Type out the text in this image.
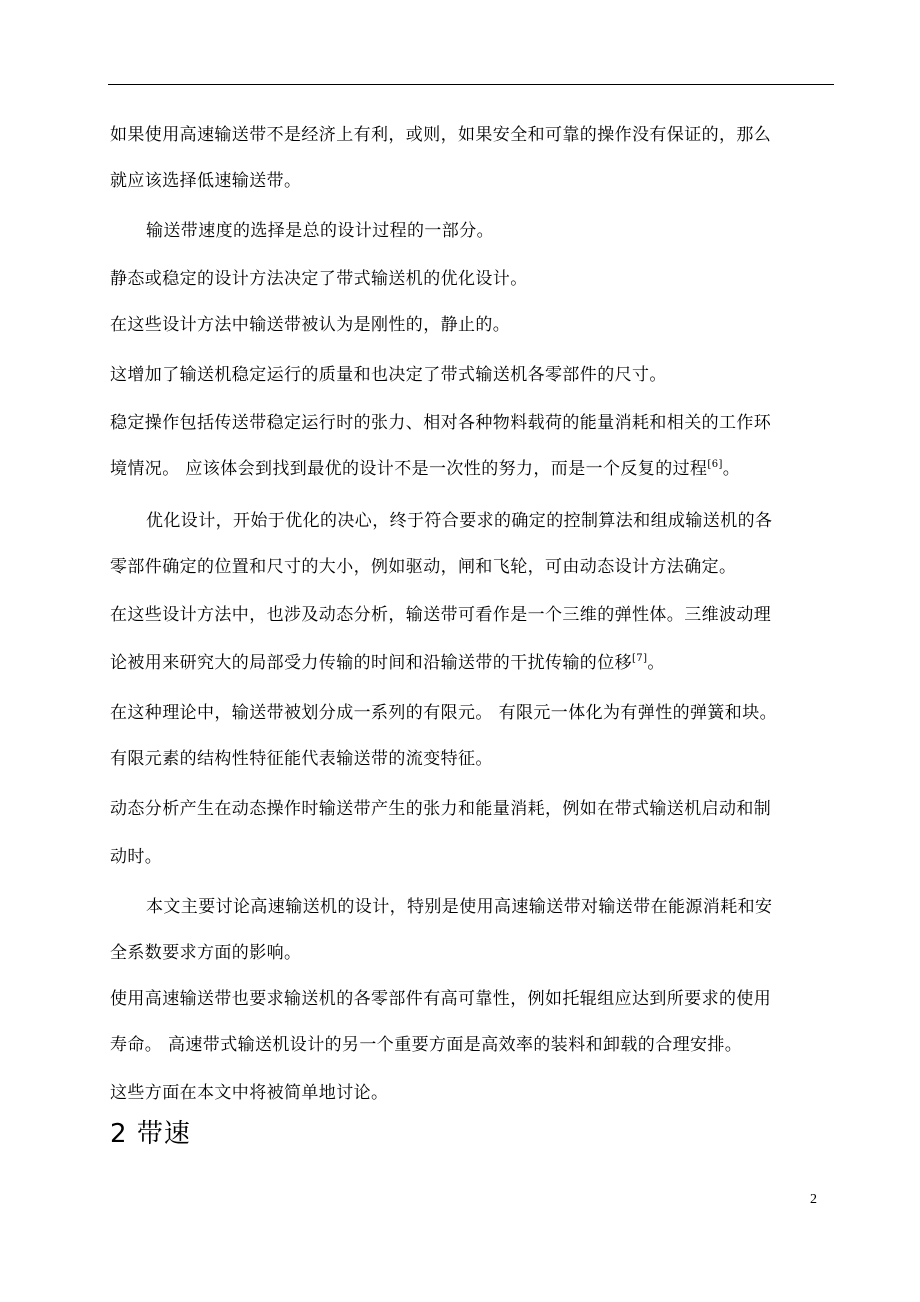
如果使用高速输送带不是经济上有利，或则，如果安全和可靠的操作没有保证的，那么
就应该选择低速输送带。
输送带速度的选择是总的设计过程的一部分。
静态或稳定的设计方法决定了带式输送机的优化设计。
在这些设计方法中输送带被认为是刚性的，静止的。
这增加了输送机稳定运行的质量和也决定了带式输送机各零部件的尺寸。
稳定操作包括传送带稳定运行时的张力、相对各种物料载荷的能量消耗和相关的工作环
境情况。 应该体会到找到最优的设计不是一次性的努力，而是一个反复的过程[6]。
优化设计，开始于优化的决心，终于符合要求的确定的控制算法和组成输送机的各
零部件确定的位置和尺寸的大小，例如驱动，闸和飞轮，可由动态设计方法确定。
在这些设计方法中，也涉及动态分析，输送带可看作是一个三维的弹性体。三维波动理
论被用来研究大的局部受力传输的时间和沿输送带的干扰传输的位移[7]。
在这种理论中，输送带被划分成一系列的有限元。 有限元一体化为有弹性的弹簧和块。
有限元素的结构性特征能代表输送带的流变特征。
动态分析产生在动态操作时输送带产生的张力和能量消耗，例如在带式输送机启动和制
动时。
本文主要讨论高速输送机的设计，特别是使用高速输送带对输送带在能源消耗和安
全系数要求方面的影响。
使用高速输送带也要求输送机的各零部件有高可靠性，例如托辊组应达到所要求的使用
寿命。 高速带式输送机设计的另一个重要方面是高效率的装料和卸载的合理安排。
这些方面在本文中将被简单地讨论。
2 带速
2
